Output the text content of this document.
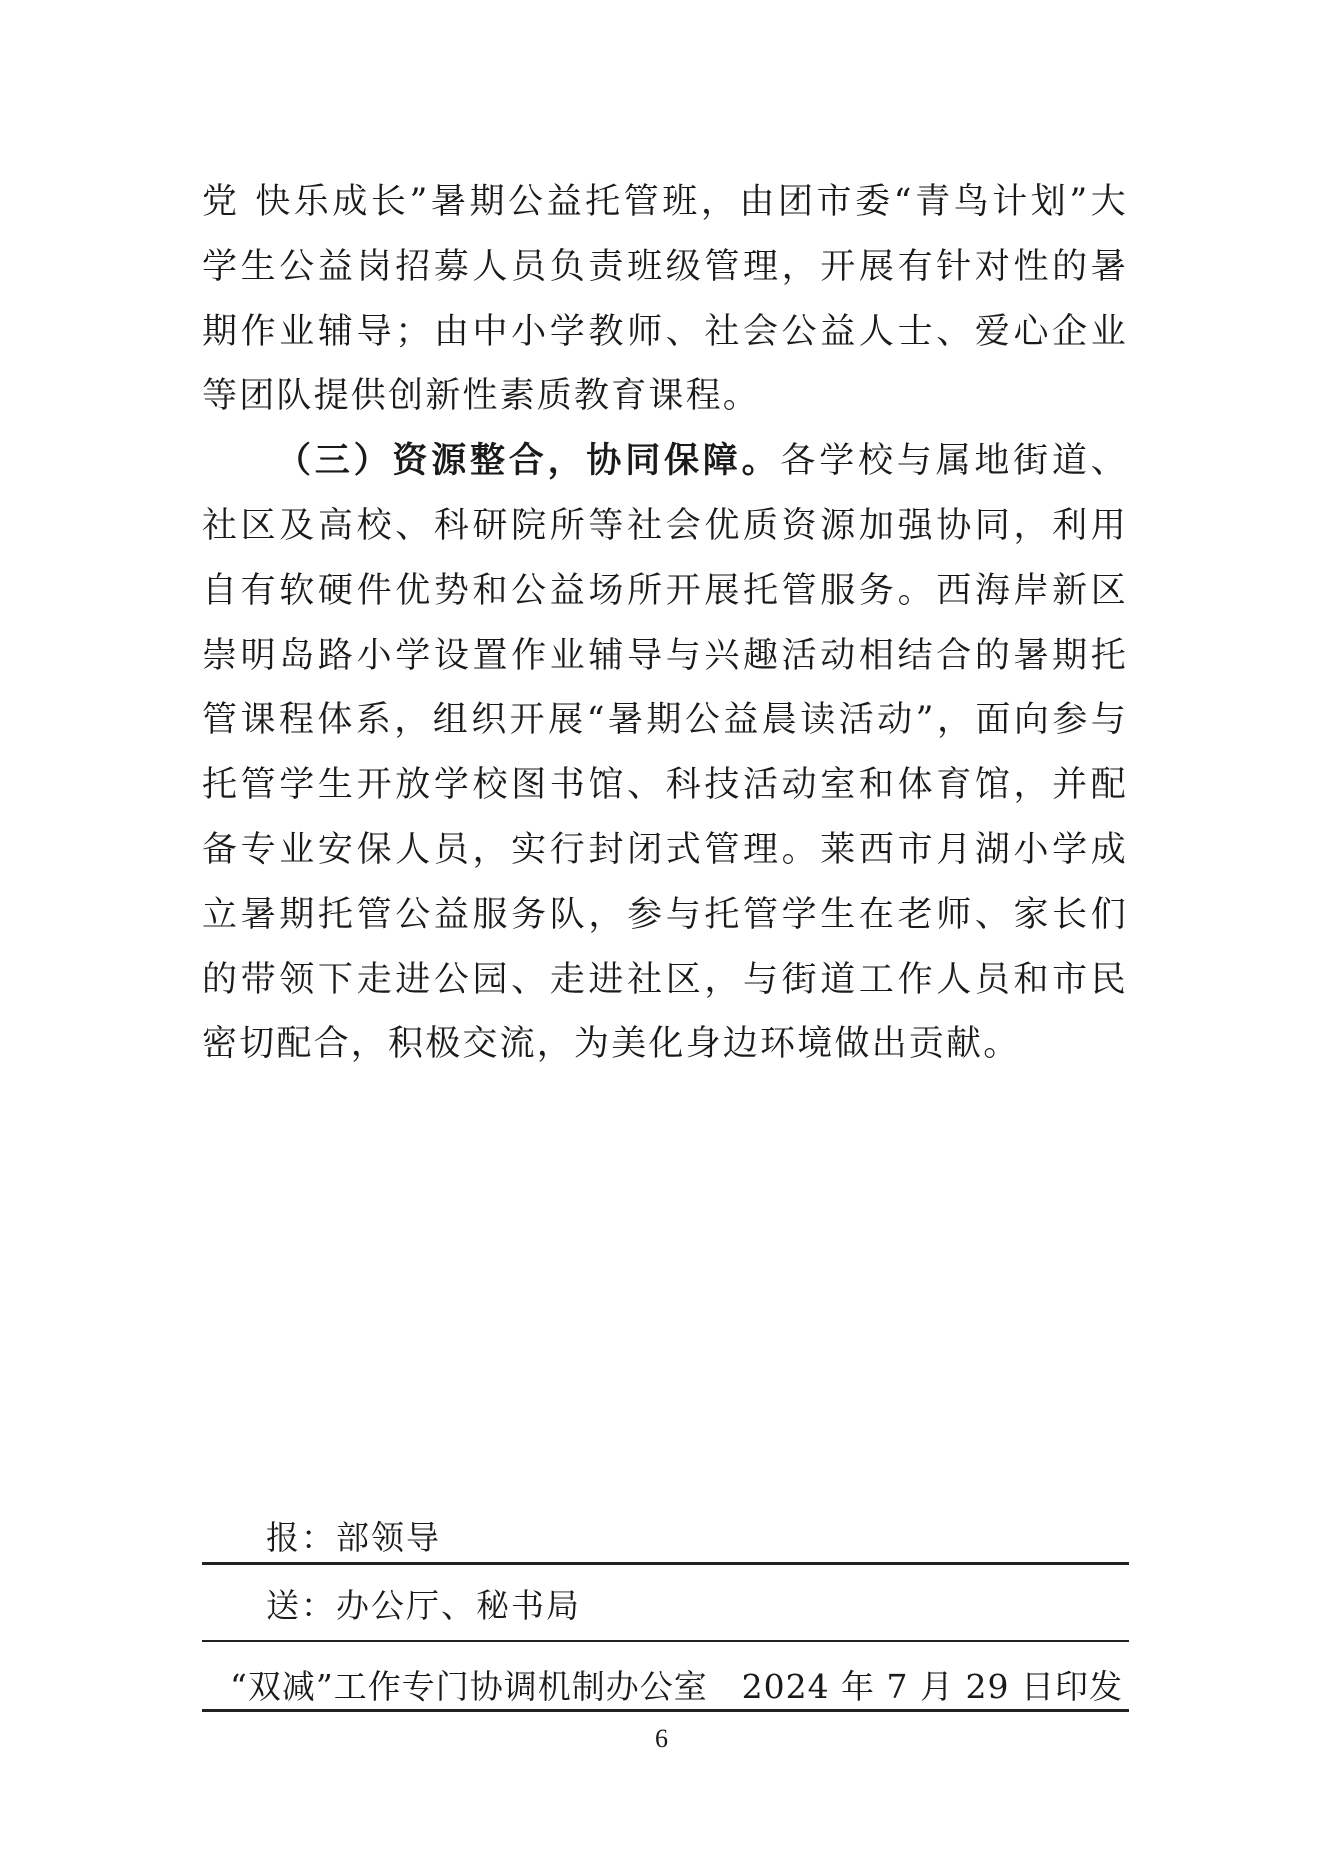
党 快乐成长”暑期公益托管班，由团市委“青鸟计划”大学生公益岗招募人员负责班级管理，开展有针对性的暑期作业辅导；由中小学教师、社会公益人士、爱心企业等团队提供创新性素质教育课程。

（三）资源整合，协同保障。各学校与属地街道、社区及高校、科研院所等社会优质资源加强协同，利用自有软硬件优势和公益场所开展托管服务。西海岸新区崇明岛路小学设置作业辅导与兴趣活动相结合的暑期托管课程体系，组织开展“暑期公益晨读活动”，面向参与托管学生开放学校图书馆、科技活动室和体育馆，并配备专业安保人员，实行封闭式管理。莱西市月湖小学成立暑期托管公益服务队，参与托管学生在老师、家长们的带领下走进公园、走进社区，与街道工作人员和市民密切配合，积极交流，为美化身边环境做出贡献。

报：部领导
送：办公厅、秘书局
“双减”工作专门协调机制办公室 2024 年 7 月 29 日印发
6
